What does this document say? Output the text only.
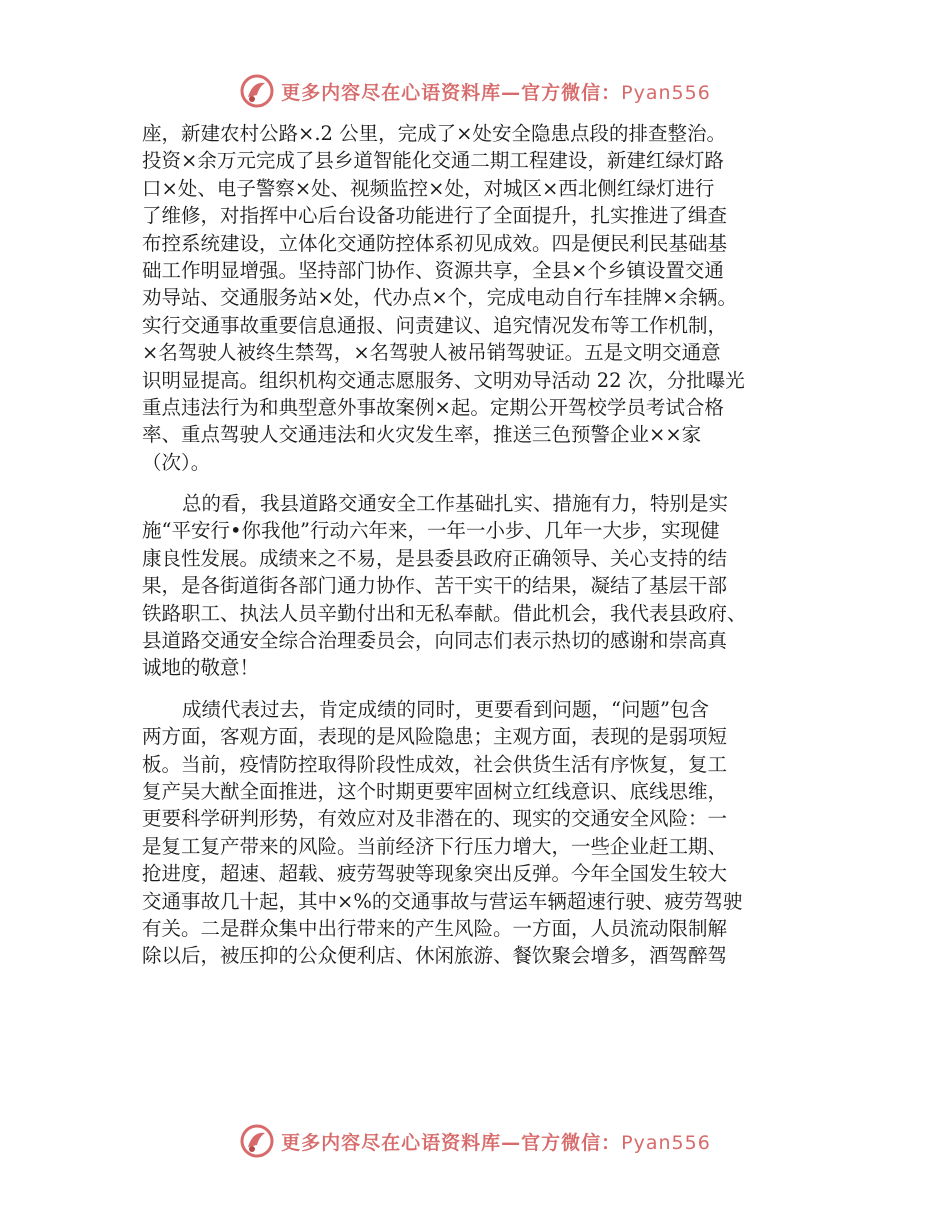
更多内容尽在心语资料库—官方微信：Pyan556
座，新建农村公路×.2 公里，完成了×处安全隐患点段的排查整治。
投资×余万元完成了县乡道智能化交通二期工程建设，新建红绿灯路
口×处、电子警察×处、视频监控×处，对城区×西北侧红绿灯进行
了维修，对指挥中心后台设备功能进行了全面提升，扎实推进了缉查
布控系统建设，立体化交通防控体系初见成效。四是便民利民基础基
础工作明显增强。坚持部门协作、资源共享，全县×个乡镇设置交通
劝导站、交通服务站×处，代办点×个，完成电动自行车挂牌×余辆。
实行交通事故重要信息通报、问责建议、追究情况发布等工作机制，
×名驾驶人被终生禁驾，×名驾驶人被吊销驾驶证。五是文明交通意
识明显提高。组织机构交通志愿服务、文明劝导活动 22 次，分批曝光
重点违法行为和典型意外事故案例×起。定期公开驾校学员考试合格
率、重点驾驶人交通违法和火灾发生率，推送三色预警企业××家
（次）。
总的看，我县道路交通安全工作基础扎实、措施有力，特别是实
施“平安行•你我他”行动六年来，一年一小步、几年一大步，实现健
康良性发展。成绩来之不易，是县委县政府正确领导、关心支持的结
果，是各街道街各部门通力协作、苦干实干的结果，凝结了基层干部
铁路职工、执法人员辛勤付出和无私奉献。借此机会，我代表县政府、
县道路交通安全综合治理委员会，向同志们表示热切的感谢和崇高真
诚地的敬意！
成绩代表过去，肯定成绩的同时，更要看到问题，“问题”包含
两方面，客观方面，表现的是风险隐患；主观方面，表现的是弱项短
板。当前，疫情防控取得阶段性成效，社会供货生活有序恢复，复工
复产吴大猷全面推进，这个时期更要牢固树立红线意识、底线思维，
更要科学研判形势，有效应对及非潜在的、现实的交通安全风险：一
是复工复产带来的风险。当前经济下行压力增大，一些企业赶工期、
抢进度，超速、超载、疲劳驾驶等现象突出反弹。今年全国发生较大
交通事故几十起，其中×%的交通事故与营运车辆超速行驶、疲劳驾驶
有关。二是群众集中出行带来的产生风险。一方面，人员流动限制解
除以后，被压抑的公众便利店、休闲旅游、餐饮聚会增多，酒驾醉驾
更多内容尽在心语资料库—官方微信：Pyan556
